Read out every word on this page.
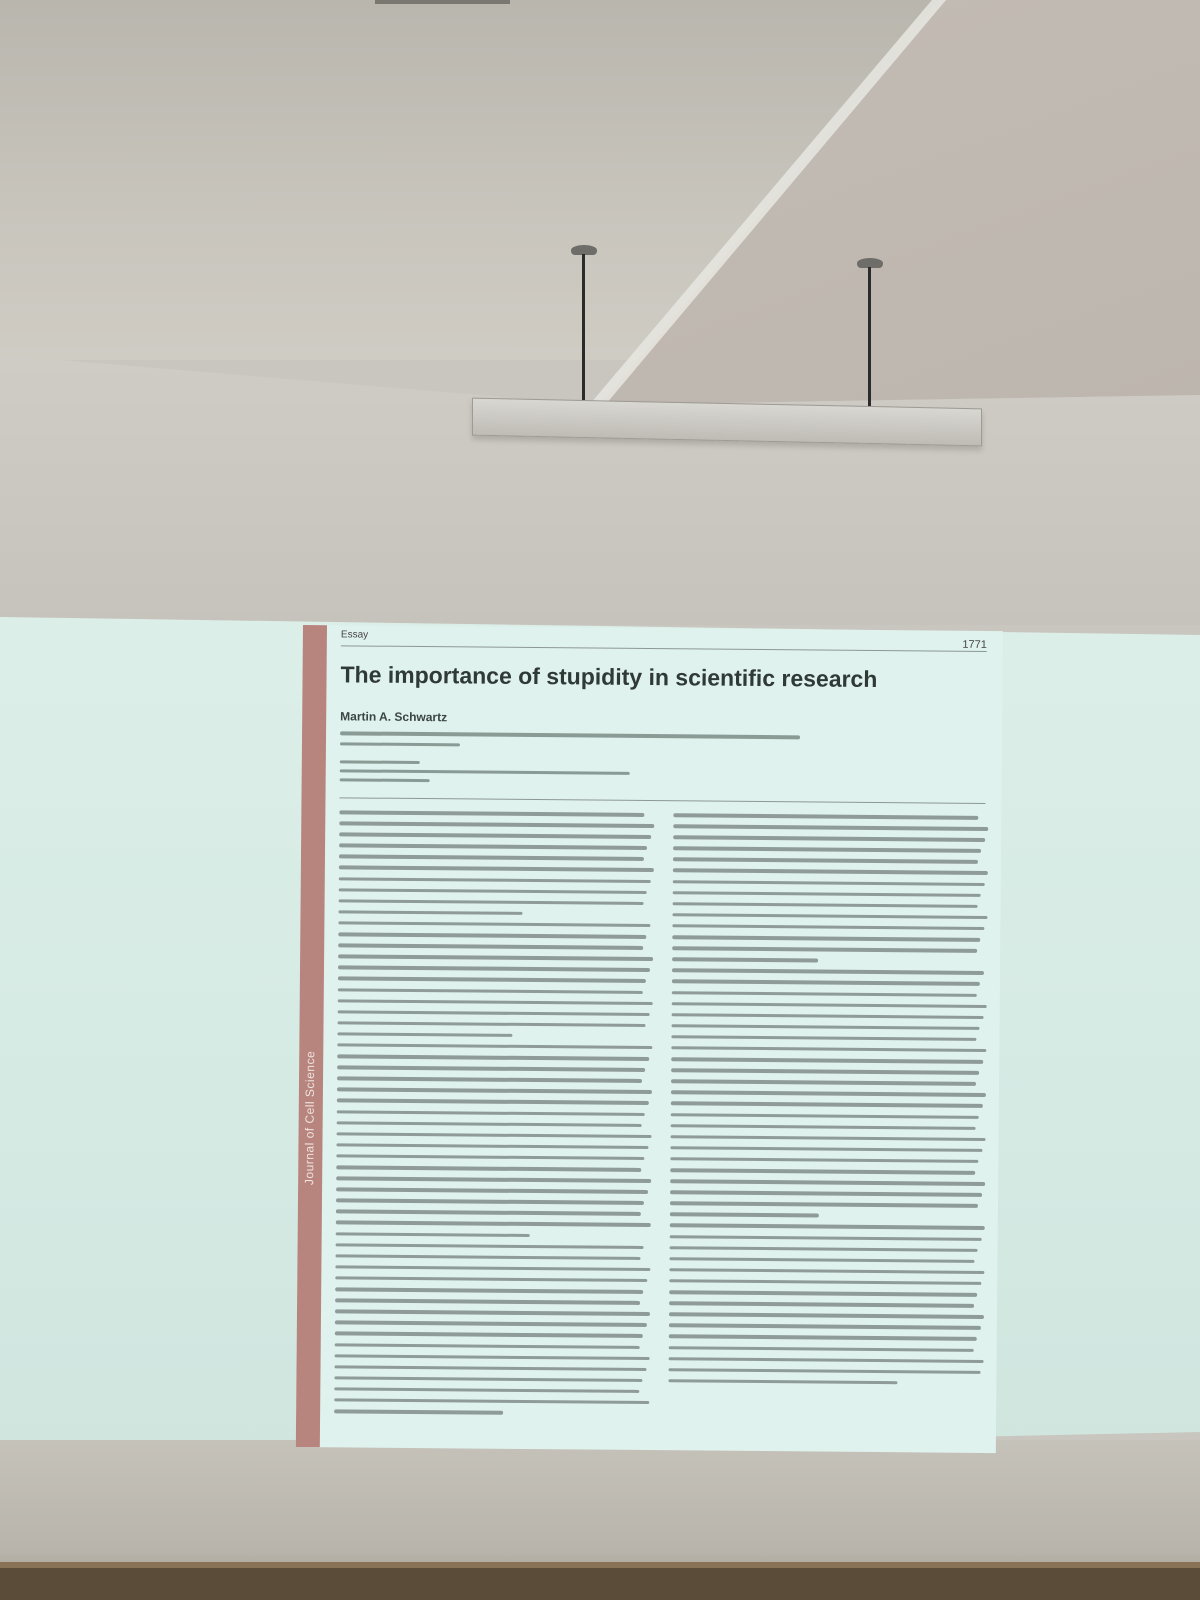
Journal of Cell Science
Essay
1771
The importance of stupidity in scientific research
Martin A. Schwartz
